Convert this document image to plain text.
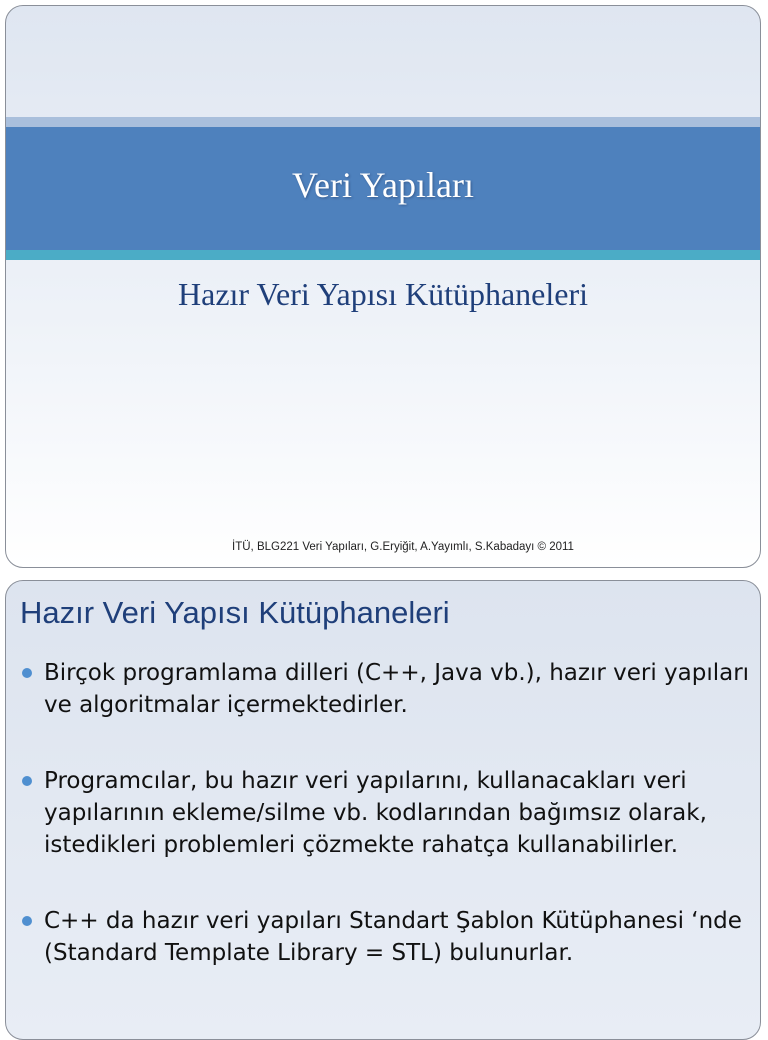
Veri Yapıları
Hazır Veri Yapısı Kütüphaneleri
İTÜ, BLG221 Veri Yapıları, G.Eryiğit, A.Yayımlı, S.Kabadayı © 2011
Hazır Veri Yapısı Kütüphaneleri
Birçok programlama dilleri (C++, Java vb.), hazır veri yapıları ve algoritmalar içermektedirler.
Programcılar, bu hazır veri yapılarını, kullanacakları veri yapılarının ekleme/silme vb. kodlarından bağımsız olarak, istedikleri problemleri çözmekte rahatça kullanabilirler.
C++ da hazır veri yapıları Standart Şablon Kütüphanesi ‘nde (Standard Template Library = STL) bulunurlar.
